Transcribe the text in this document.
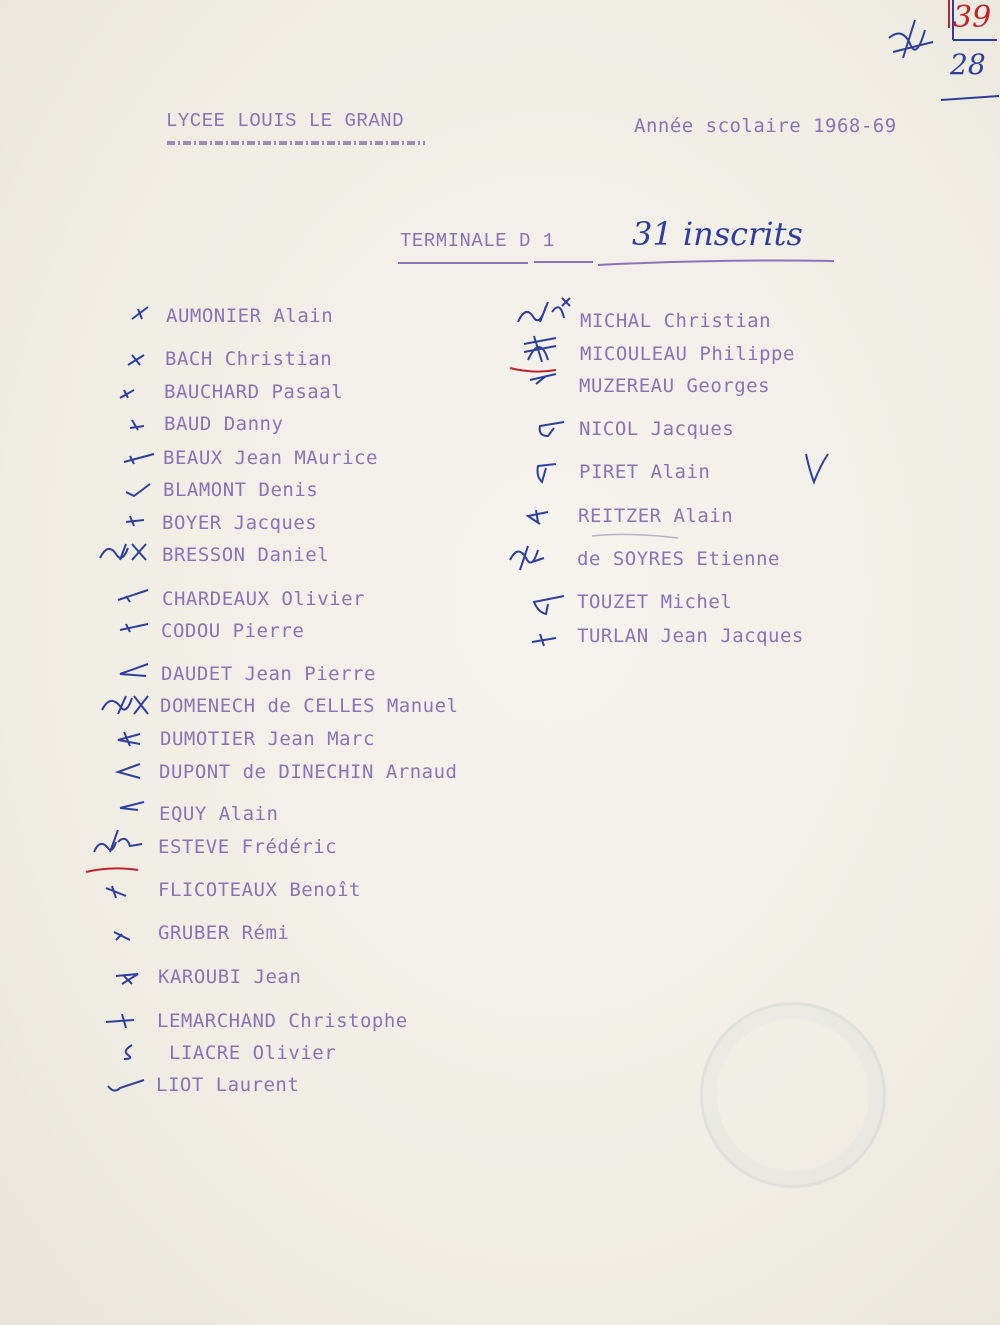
LYCEE LOUIS LE GRAND	Année scolaire 1968-69
39
28
TERMINALE D 1 31 inscrits
AUMONIER Alain
BACH Christian
BAUCHARD Pasaal
BAUD Danny
BEAUX Jean MAurice
BLAMONT Denis
BOYER Jacques
BRESSON Daniel
CHARDEAUX Olivier
CODOU Pierre
DAUDET Jean Pierre
DOMENECH de CELLES Manuel
DUMOTIER Jean Marc
DUPONT de DINECHIN Arnaud
EQUY Alain
ESTEVE Frédéric
FLICOTEAUX Benoît
GRUBER Rémi
KAROUBI Jean
LEMARCHAND Christophe
LIACRE Olivier
LIOT Laurent
MICHAL Christian
MICOULEAU Philippe
MUZEREAU Georges
NICOL Jacques
PIRET Alain
REITZER Alain
de SOYRES Etienne
TOUZET Michel
TURLAN Jean Jacques
